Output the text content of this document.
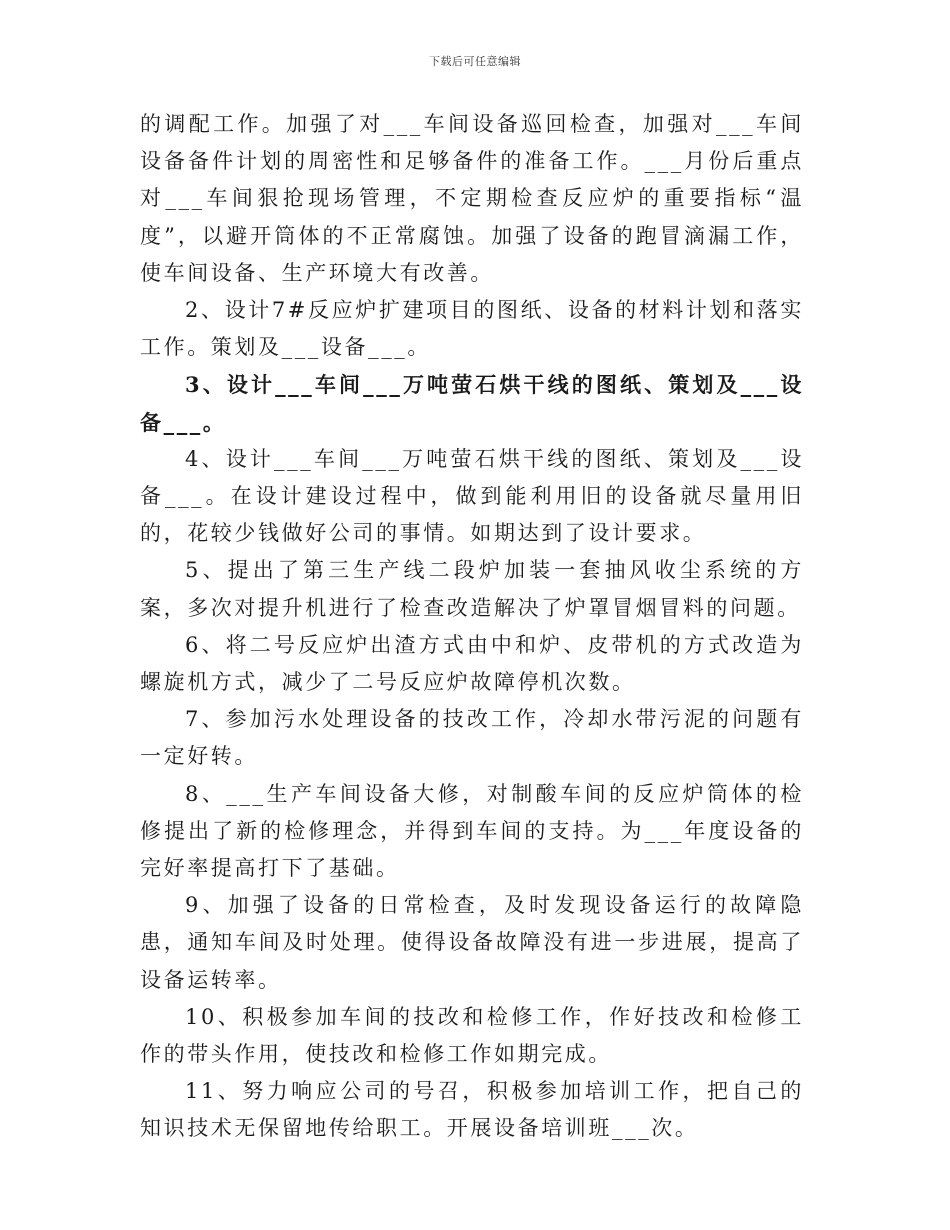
下载后可任意编辑

的调配工作。加强了对___车间设备巡回检查，加强对___车间设备备件计划的周密性和足够备件的准备工作。___月份后重点对___车间狠抢现场管理，不定期检查反应炉的重要指标“温度”，以避开筒体的不正常腐蚀。加强了设备的跑冒滴漏工作，使车间设备、生产环境大有改善。

2、设计7#反应炉扩建项目的图纸、设备的材料计划和落实工作。策划及___设备___。

3、设计___车间___万吨萤石烘干线的图纸、策划及___设备___。

4、设计___车间___万吨萤石烘干线的图纸、策划及___设备___。在设计建设过程中，做到能利用旧的设备就尽量用旧的，花较少钱做好公司的事情。如期达到了设计要求。

5、提出了第三生产线二段炉加装一套抽风收尘系统的方案，多次对提升机进行了检查改造解决了炉罩冒烟冒料的问题。

6、将二号反应炉出渣方式由中和炉、皮带机的方式改造为螺旋机方式，减少了二号反应炉故障停机次数。

7、参加污水处理设备的技改工作，冷却水带污泥的问题有一定好转。

8、___生产车间设备大修，对制酸车间的反应炉筒体的检修提出了新的检修理念，并得到车间的支持。为___年度设备的完好率提高打下了基础。

9、加强了设备的日常检查，及时发现设备运行的故障隐患，通知车间及时处理。使得设备故障没有进一步进展，提高了设备运转率。

10、积极参加车间的技改和检修工作，作好技改和检修工作的带头作用，使技改和检修工作如期完成。

11、努力响应公司的号召，积极参加培训工作，把自己的知识技术无保留地传给职工。开展设备培训班___次。
